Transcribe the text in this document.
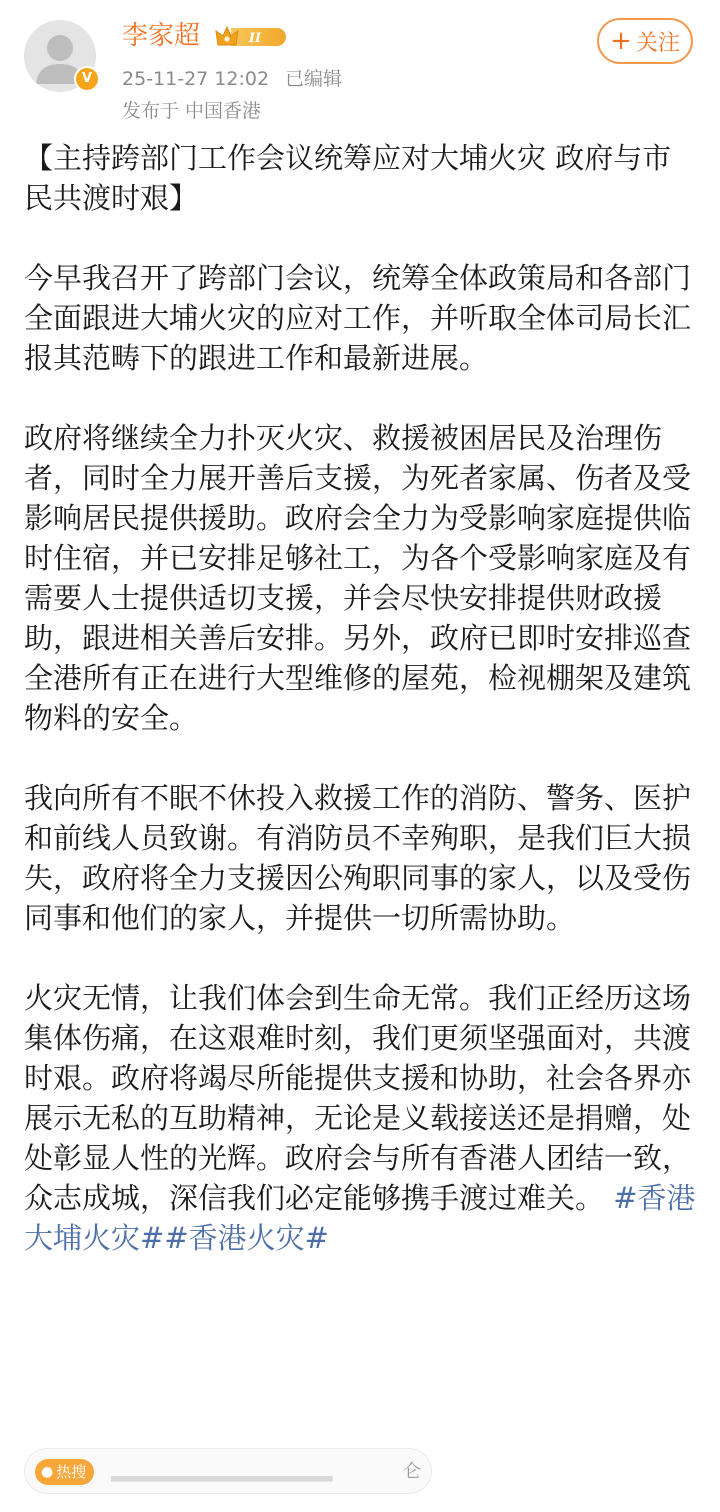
V
李家超	II
25-11-27 12:02 已编辑
发布于 中国香港
+ 关注

【主持跨部门工作会议统筹应对大埔火灾 政府与市民共渡时艰】

今早我召开了跨部门会议，统筹全体政策局和各部门全面跟进大埔火灾的应对工作，并听取全体司局长汇报其范畴下的跟进工作和最新进展。

政府将继续全力扑灭火灾、救援被困居民及治理伤者，同时全力展开善后支援，为死者家属、伤者及受影响居民提供援助。政府会全力为受影响家庭提供临时住宿，并已安排足够社工，为各个受影响家庭及有需要人士提供适切支援，并会尽快安排提供财政援助，跟进相关善后安排。另外，政府已即时安排巡查全港所有正在进行大型维修的屋苑，检视棚架及建筑物料的安全。

我向所有不眠不休投入救援工作的消防、警务、医护和前线人员致谢。有消防员不幸殉职，是我们巨大损失，政府将全力支援因公殉职同事的家人，以及受伤同事和他们的家人，并提供一切所需协助。

火灾无情，让我们体会到生命无常。我们正经历这场集体伤痛，在这艰难时刻，我们更须坚强面对，共渡时艰。政府将竭尽所能提供支援和协助，社会各界亦展示无私的互助精神，无论是义载接送还是捐赠，处处彰显人性的光辉。政府会与所有香港人团结一致，众志成城，深信我们必定能够携手渡过难关。 #香港大埔火灾##香港火灾#

● 热搜 ▂▂▂▂▂▂▂▂▂▂▂▂▂▂▂▂	仑
